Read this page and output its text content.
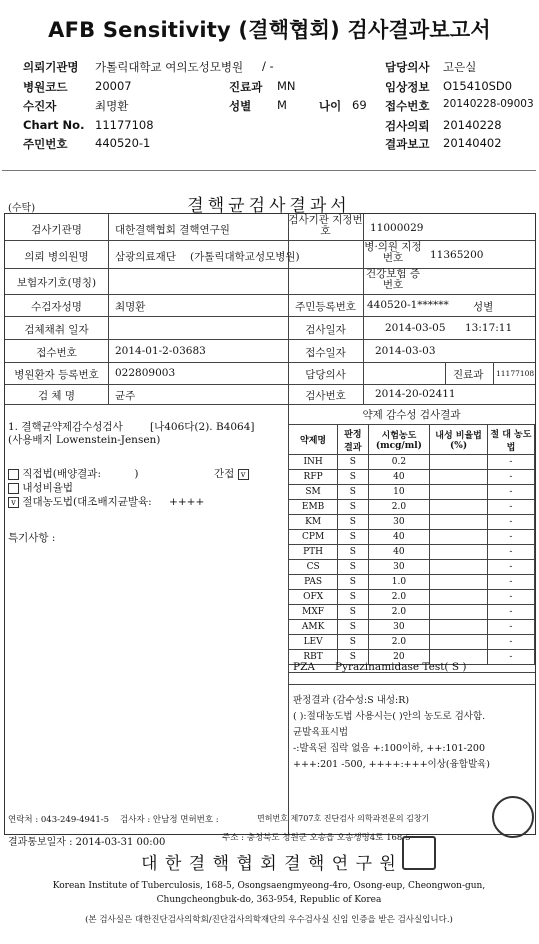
AFB Sensitivity (결핵협회) 검사결과보고서
의뢰기관명 가톨릭대학교 여의도성모병원 / -
병원코드 20007
수진자	최명환
Chart No. 11177108
주민번호 440520-1
진료과 MN
성별 M	나이 69
담당의사 고은실
임상정보 O15410SD0
접수번호 20140228-09003
검사의뢰 20140228
결과보고 20140402
(수탁)	결핵균검사결과서
검사기관명	대한결핵협회 결핵연구원
검사기관 지정번호	11000029
의뢰 병의원명	삼광의료재단 (가톨릭대학교성모병원)
병·의원 지정번호	11365200
보험자기호(명칭)
건강보험 증번호
수검자성명	최명환	주민등록번호	440520-1****** 성별
검체채취 일자	검사일자	2014-03-05 13:17:11
접수번호	2014-01-2-03683	접수일자	2014-03-03
병원환자 등록번호	022809003	담당의사	진료과 11177108
검 체 명	균주	검사번호	2014-20-02411
1. 결핵균약제감수성검사	[나406다(2). B4064]
(사용배지 Lowenstein-Jensen)
직접법(배양결과:	)	간접 v
내성비율법
v 절대농도법(대조배지균발육: ++++
특기사항 :
약제 감수성 검사결과
약제명	판정 결과	시험농도 (mcg/ml)	내성 비율법(%)	절 대 농도법
INH	S	0.2		-
RFP	S	40		-
SM	S	10		-
EMB	S	2.0		-
KM	S	30		-
CPM	S	40		-
PTH	S	40		-
CS	S	30		-
PAS	S	1.0		-
OFX	S	2.0		-
MXF	S	2.0		-
AMK	S	30		-
LEV	S	2.0		-
RBT	S	20		-
PZA Pyrazinamidase Test( S )
판정결과 (감수성:S 내성:R)
( ):절대농도법 사용시는( )안의 농도로 검사함.
균발육표시법
-:발육된 집락 없음 +:100이하, ++:101-200
+++:201 -500, ++++:+++이상(융합발육)
연락처 : 043-249-4941-5 검사자 : 안남정 면허번호 :	면허번호 제707호 진단검사 의학과전문의 김창기
결과통보일자 : 2014-03-31 00:00	주소 : 충청북도 청원군 오송읍 오송생명4로 168-5
대 한 결 핵 협 회 결 핵 연 구 원
Korean Institute of Tuberculosis, 168-5, Osongsaengmyeong-4ro, Osong-eup, Cheongwon-gun,
Chungcheongbuk-do, 363-954, Republic of Korea
(본 검사실은 대한진단검사의학회/진단검사의학재단의 우수검사실 신임 인증을 받은 검사실입니다.)
